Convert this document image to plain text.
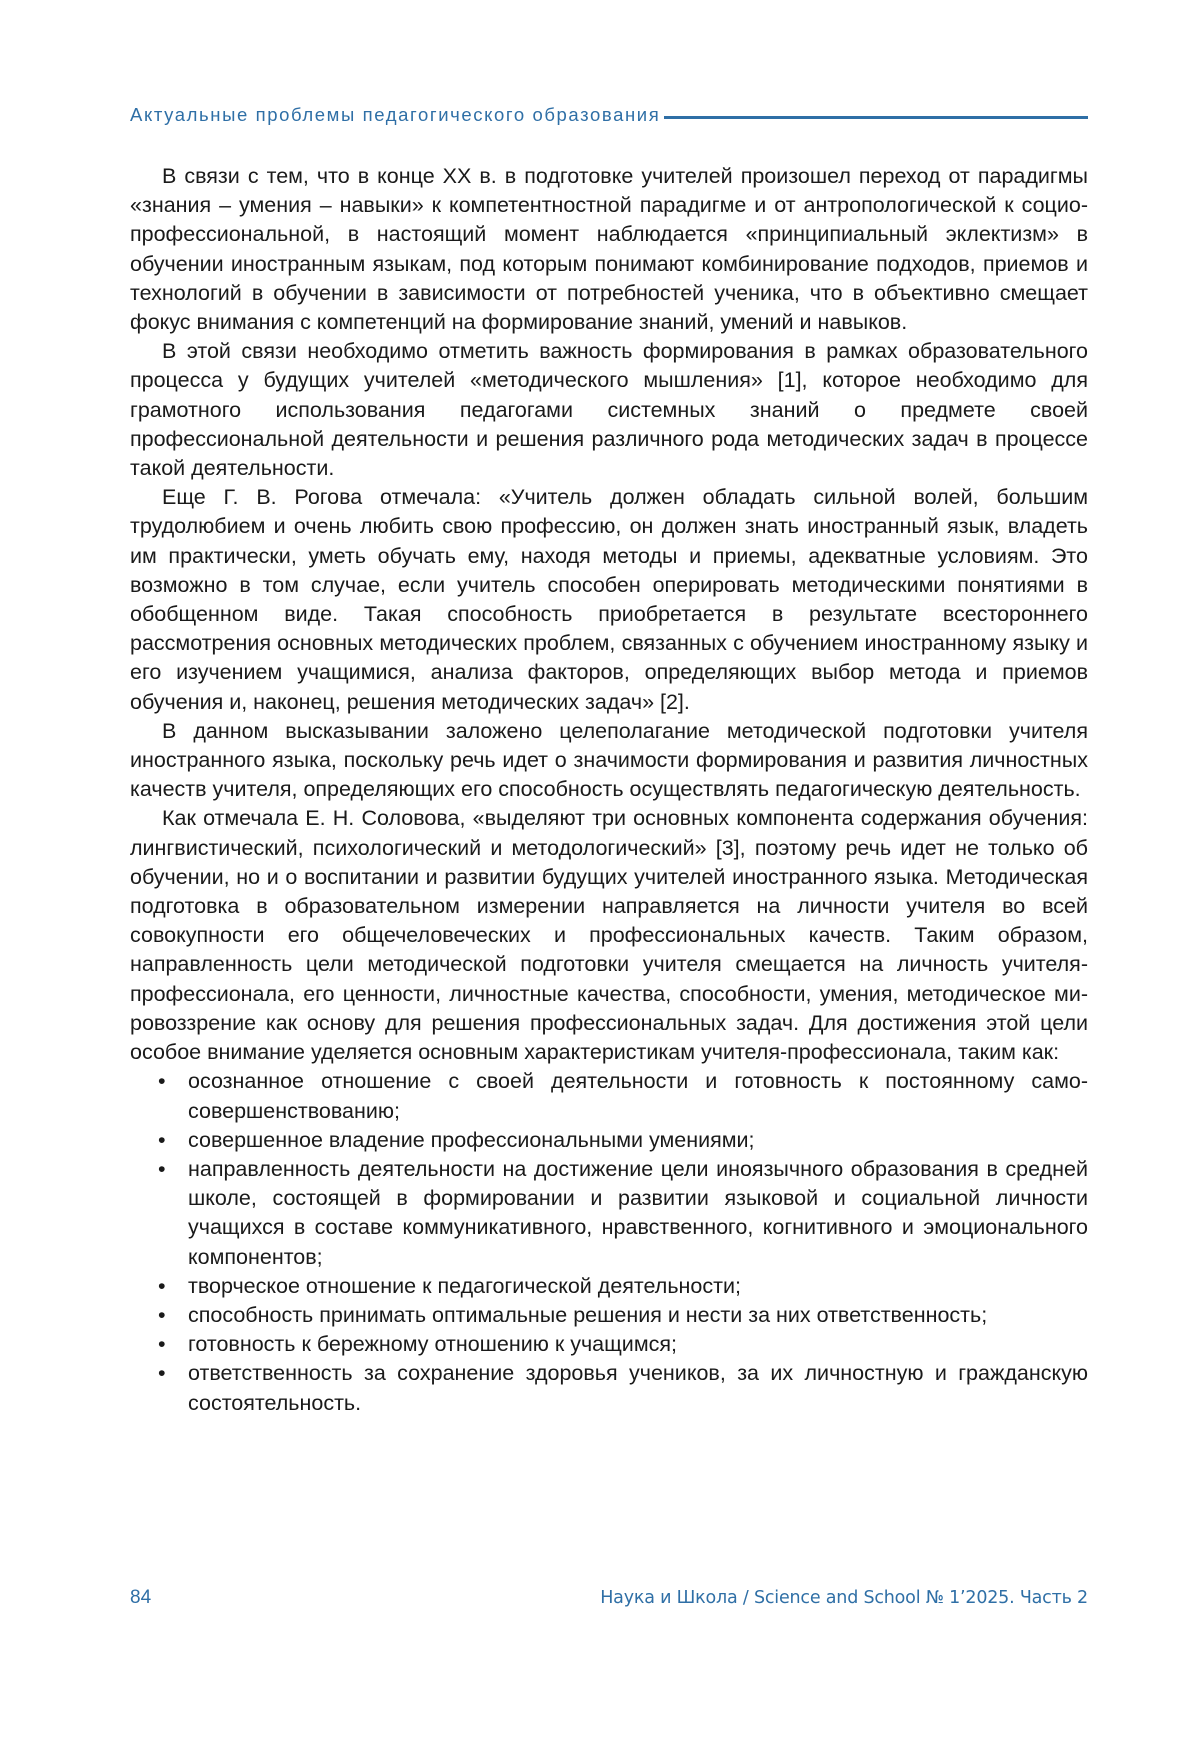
Актуальные проблемы педагогического образования

В связи с тем, что в конце XX в. в подготовке учителей произошел переход от парадигмы «знания – умения – навыки» к компетентностной парадигме и от антропологической к социо-профессиональной, в настоящий момент наблюдается «принципиальный эклектизм» в обучении иностранным языкам, под которым понимают комбинирование подходов, приемов и технологий в обучении в зависимости от потребностей ученика, что в объективно смещает фокус внимания с компетенций на формирование знаний, умений и навыков.

В этой связи необходимо отметить важность формирования в рамках образовательного процесса у будущих учителей «методического мышления» [1], которое необходимо для грамотного использования педагогами системных знаний о предмете своей профессиональной деятельности и решения различного рода методических задач в процессе такой деятельности.

Еще Г. В. Рогова отмечала: «Учитель должен обладать сильной волей, большим трудолюбием и очень любить свою профессию, он должен знать иностранный язык, владеть им практически, уметь обучать ему, находя методы и приемы, адекватные условиям. Это возможно в том случае, если учитель способен оперировать методическими понятиями в обобщенном виде. Такая способность приобретается в результате всестороннего рассмотрения основных методических проблем, связанных с обучением иностранному языку и его изучением учащимися, анализа факторов, определяющих выбор метода и приемов обучения и, наконец, решения методических задач» [2].

В данном высказывании заложено целеполагание методической подготовки учителя иностранного языка, поскольку речь идет о значимости формирования и развития личностных качеств учителя, определяющих его способность осуществлять педагогическую деятельность.

Как отмечала Е. Н. Соловова, «выделяют три основных компонента содержания обучения: лингвистический, психологический и методологический» [3], поэтому речь идет не только об обучении, но и о воспитании и развитии будущих учителей иностранного языка. Методическая подготовка в образовательном измерении направляется на личности учителя во всей совокупности его общечеловеческих и профессиональных качеств. Таким образом, направленность цели методической подготовки учителя смещается на личность учителя-профессионала, его ценности, личностные качества, способности, умения, методическое мировоззрение как основу для решения профессиональных задач. Для достижения этой цели особое внимание уделяется основным характеристикам учителя-профессионала, таким как:

• осознанное отношение с своей деятельности и готовность к постоянному самосовершенствованию;
• совершенное владение профессиональными умениями;
• направленность деятельности на достижение цели иноязычного образования в средней школе, состоящей в формировании и развитии языковой и социальной личности учащихся в составе коммуникативного, нравственного, когнитивного и эмоционального компонентов;
• творческое отношение к педагогической деятельности;
• способность принимать оптимальные решения и нести за них ответственность;
• готовность к бережному отношению к учащимся;
• ответственность за сохранение здоровья учеников, за их личностную и гражданскую состоятельность.
84	Наука и Школа / Science and School № 1’2025. Часть 2
